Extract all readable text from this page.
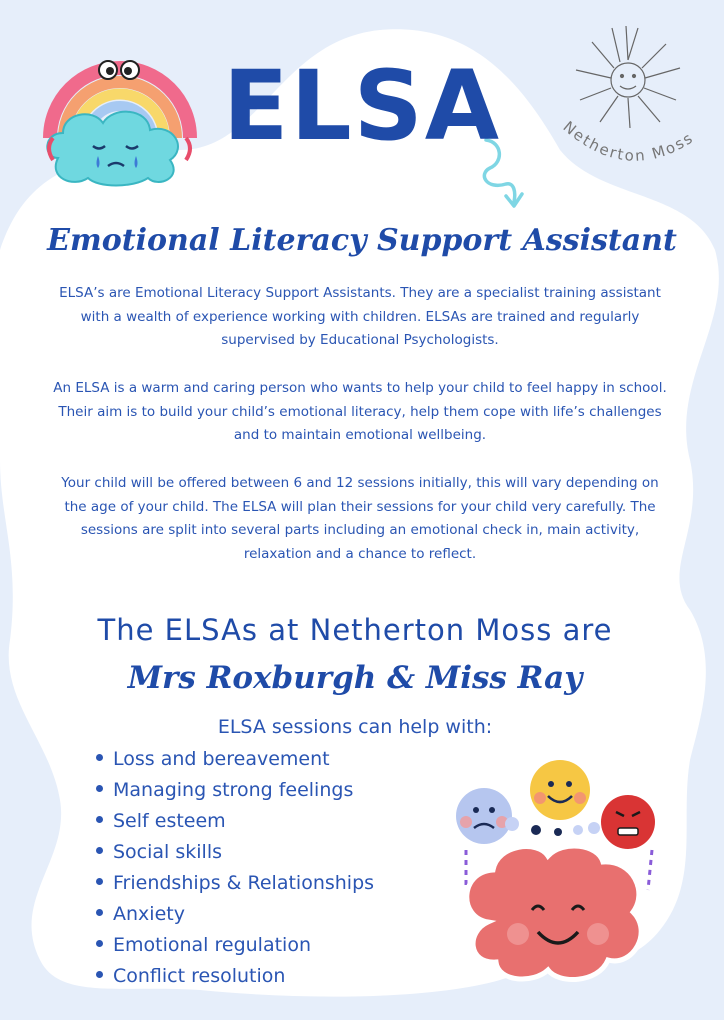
Netherton Moss
ELSA
Emotional Literacy Support Assistant

ELSA’s are Emotional Literacy Support Assistants. They are a specialist training assistant with a wealth of experience working with children. ELSAs are trained and regularly supervised by Educational Psychologists.

An ELSA is a warm and caring person who wants to help your child to feel happy in school. Their aim is to build your child’s emotional literacy, help them cope with life’s challenges and to maintain emotional wellbeing.

Your child will be offered between 6 and 12 sessions initially, this will vary depending on the age of your child. The ELSA will plan their sessions for your child very carefully. The sessions are split into several parts including an emotional check in, main activity, relaxation and a chance to reflect.

The ELSAs at Netherton Moss are

Mrs Roxburgh & Miss Ray

ELSA sessions can help with:

Loss and bereavement
Managing strong feelings
Self esteem
Social skills
Friendships & Relationships
Anxiety
Emotional regulation
Conflict resolution
